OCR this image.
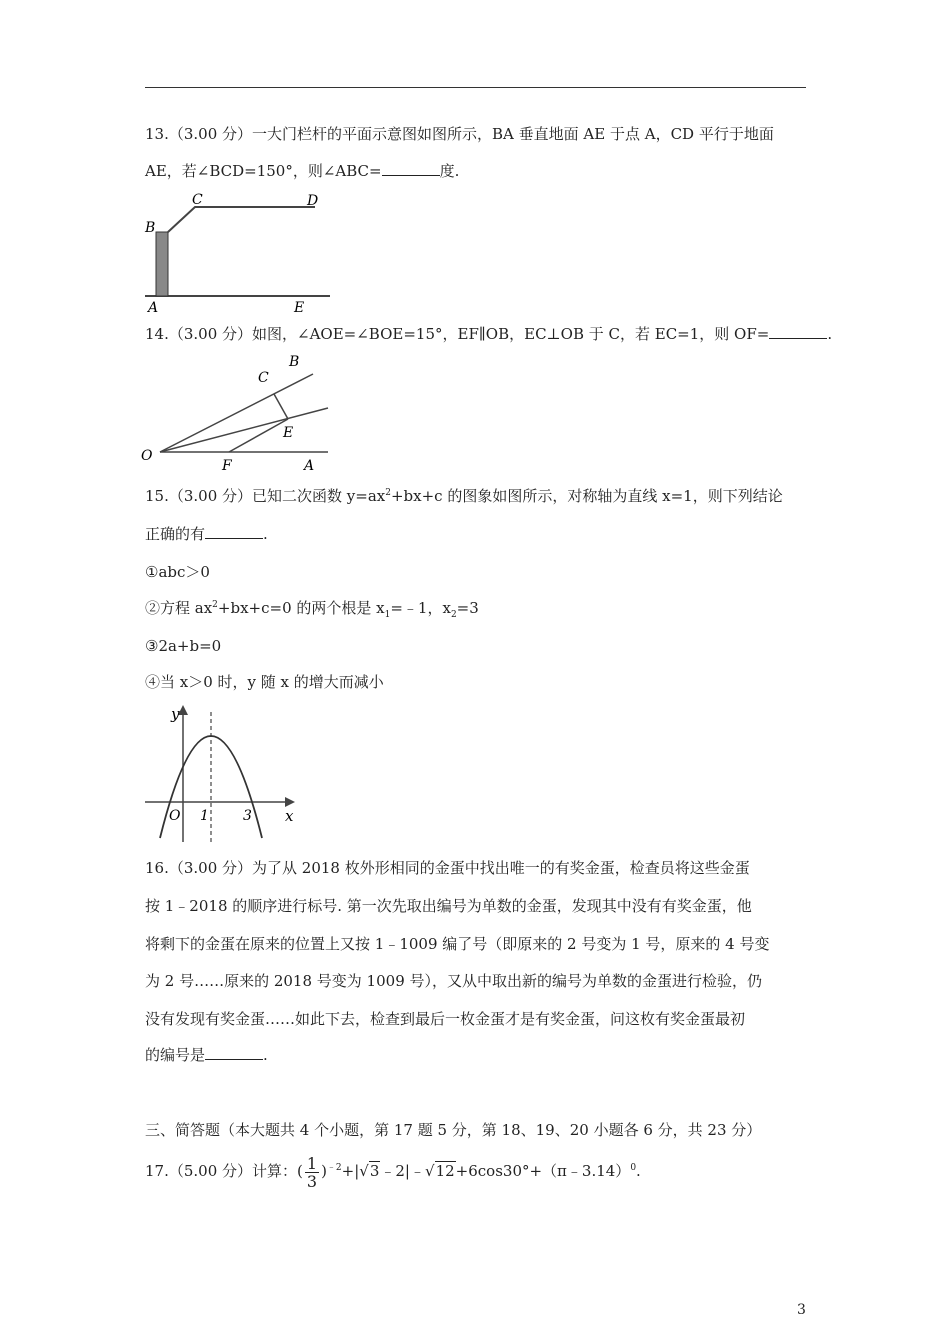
13.（3.00 分）一大门栏杆的平面示意图如图所示，BA 垂直地面 AE 于点 A，CD 平行于地面
AE，若∠BCD=150°，则∠ABC=	度.
B
C	D
A	E
14.（3.00 分）如图，∠AOE=∠BOE=15°，EF∥OB，EC⊥OB 于 C，若 EC=1，则 OF=	.
O
B
C
E
F	A
15.（3.00 分）已知二次函数 $y=ax^2+bx+c$ 的图象如图所示，对称轴为直线 x=1，则下列结论
正确的有	.
①abc＞0
②方程 $ax^2+bx+c=0$ 的两个根是 $x_1=﹣1$，$x_2=3$
③2a+b=0
④当 x＞0 时，y 随 x 的增大而减小
y
x
O 1 3
16.（3.00 分）为了从 2018 枚外形相同的金蛋中找出唯一的有奖金蛋，检查员将这些金蛋
按 1﹣2018 的顺序进行标号. 第一次先取出编号为单数的金蛋，发现其中没有有奖金蛋，他
将剩下的金蛋在原来的位置上又按 1﹣1009 编了号（即原来的 2 号变为 1 号，原来的 4 号变
为 2 号……原来的 2018 号变为 1009 号），又从中取出新的编号为单数的金蛋进行检验，仍
没有发现有奖金蛋……如此下去，检查到最后一枚金蛋才是有奖金蛋，问这枚有奖金蛋最初
的编号是	.
三、简答题（本大题共 4 个小题，第 17 题 5 分，第 18、19、20 小题各 6 分，共 23 分）
17.（5.00 分）计算：( $\frac{1}{3}$ )$^{﹣2}$+|√3﹣2|﹣√12+6cos30°+（π﹣3.14）$^0$.
3
